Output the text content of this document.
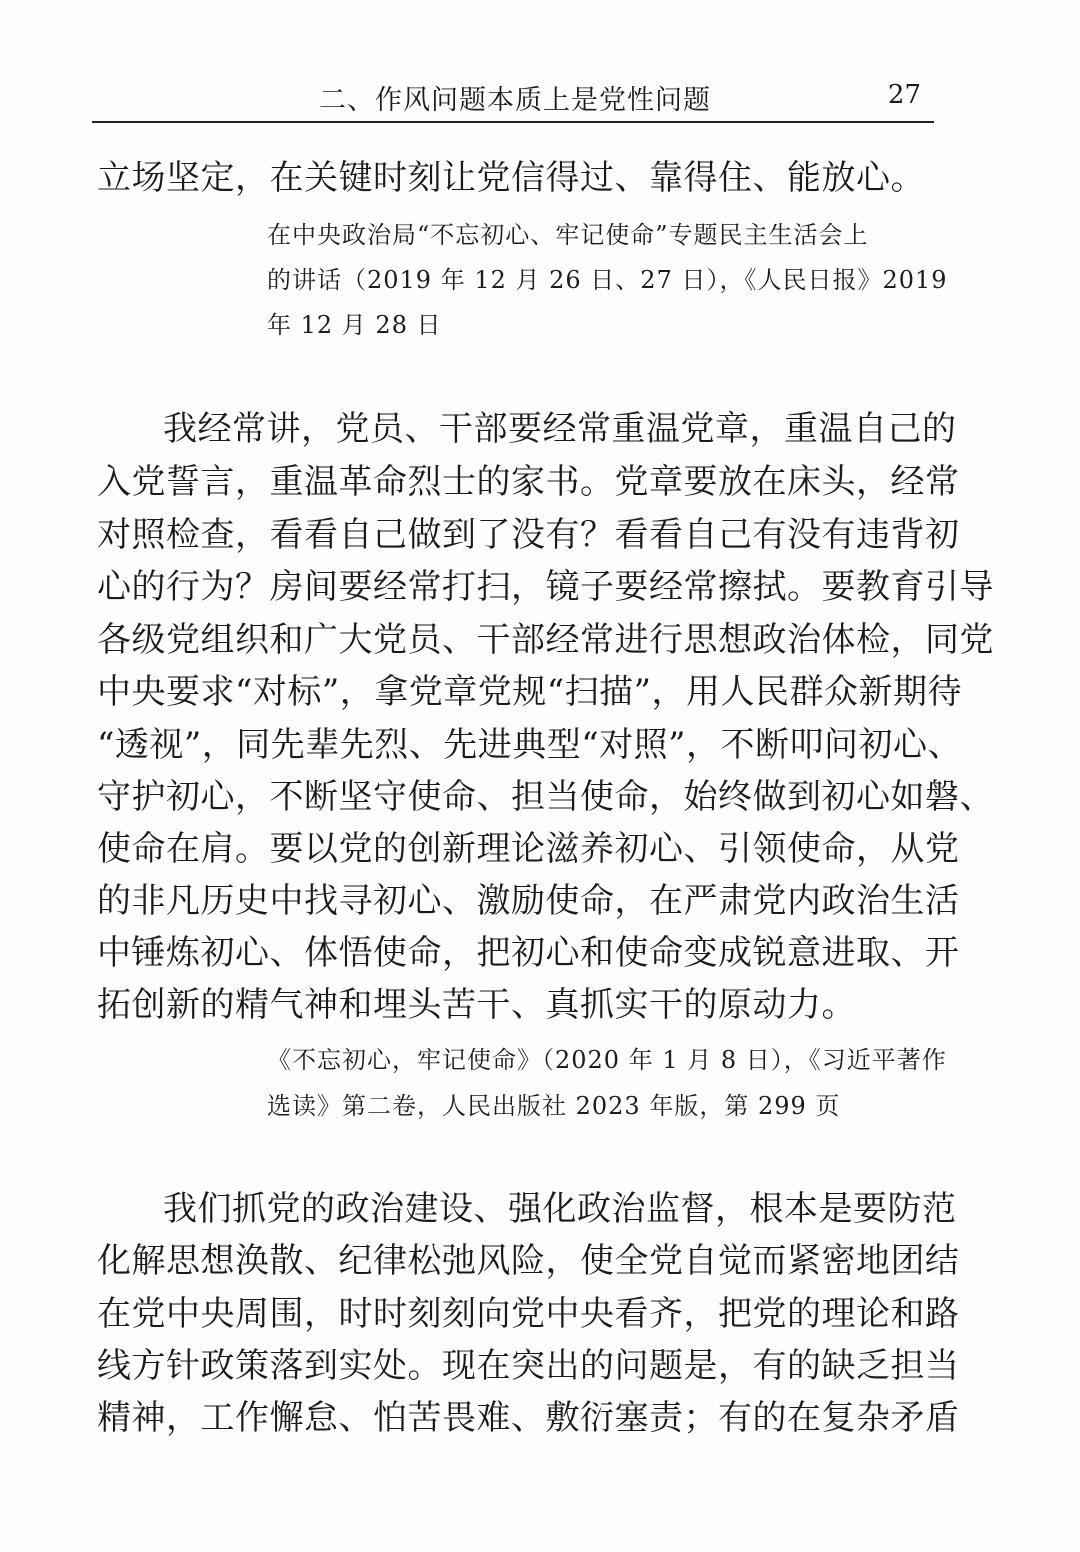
二、作风问题本质上是党性问题	27
立场坚定，在关键时刻让党信得过、靠得住、能放心。
在中央政治局“不忘初心、牢记使命”专题民主生活会上
的讲话（2019 年 12 月 26 日、27 日），《人民日报》2019
年 12 月 28 日
我经常讲，党员、干部要经常重温党章，重温自己的
入党誓言，重温革命烈士的家书。党章要放在床头，经常
对照检查，看看自己做到了没有？看看自己有没有违背初
心的行为？房间要经常打扫，镜子要经常擦拭。要教育引导
各级党组织和广大党员、干部经常进行思想政治体检，同党
中央要求“对标”，拿党章党规“扫描”，用人民群众新期待
“透视”，同先辈先烈、先进典型“对照”，不断叩问初心、
守护初心，不断坚守使命、担当使命，始终做到初心如磐、
使命在肩。要以党的创新理论滋养初心、引领使命，从党
的非凡历史中找寻初心、激励使命，在严肃党内政治生活
中锤炼初心、体悟使命，把初心和使命变成锐意进取、开
拓创新的精气神和埋头苦干、真抓实干的原动力。
《不忘初心，牢记使命》（2020 年 1 月 8 日），《习近平著作
选读》第二卷，人民出版社 2023 年版，第 299 页
我们抓党的政治建设、强化政治监督，根本是要防范
化解思想涣散、纪律松弛风险，使全党自觉而紧密地团结
在党中央周围，时时刻刻向党中央看齐，把党的理论和路
线方针政策落到实处。现在突出的问题是，有的缺乏担当
精神，工作懈怠、怕苦畏难、敷衍塞责；有的在复杂矛盾
